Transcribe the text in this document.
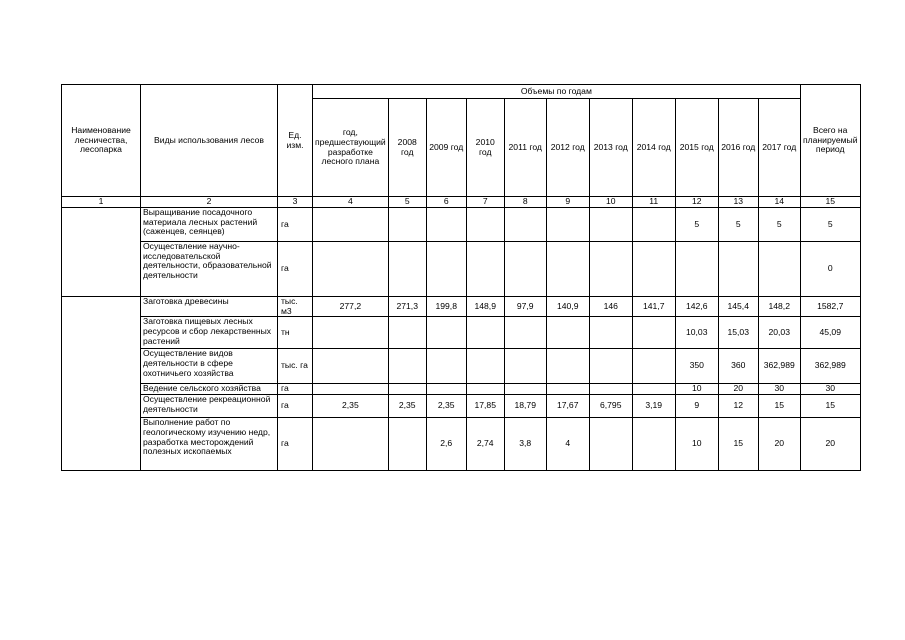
Наименование лесничества, лесопарка	Виды использования лесов	Ед. изм.	Объемы по годам											Всего на планируемый период
			год, предшествующий разработке лесного плана	2008 год	2009 год	2010 год	2011 год	2012 год	2013 год	2014 год	2015 год	2016 год	2017 год	
1	2	3	4	5	6	7	8	9	10	11	12	13	14	15
	Выращивание посадочного материала лесных растений (саженцев, сеянцев)	га									5	5	5	5
	Осуществление научно-исследовательской деятельности, образовательной деятельности	га												0
	Заготовка древесины	тыс. м3	277,2	271,3	199,8	148,9	97,9	140,9	146	141,7	142,6	145,4	148,2	1582,7
	Заготовка пищевых лесных ресурсов и сбор лекарственных растений	тн									10,03	15,03	20,03	45,09
	Осуществление видов деятельности в сфере охотничьего хозяйства	тыс. га									350	360	362,989	362,989
	Ведение сельского хозяйства	га									10	20	30	30
	Осуществление рекреационной деятельности	га	2,35	2,35	2,35	17,85	18,79	17,67	6,795	3,19	9	12	15	15
	Выполнение работ по геологическому изучению недр, разработка месторождений полезных ископаемых	га			2,6	2,74	3,8	4			10	15	20	20
